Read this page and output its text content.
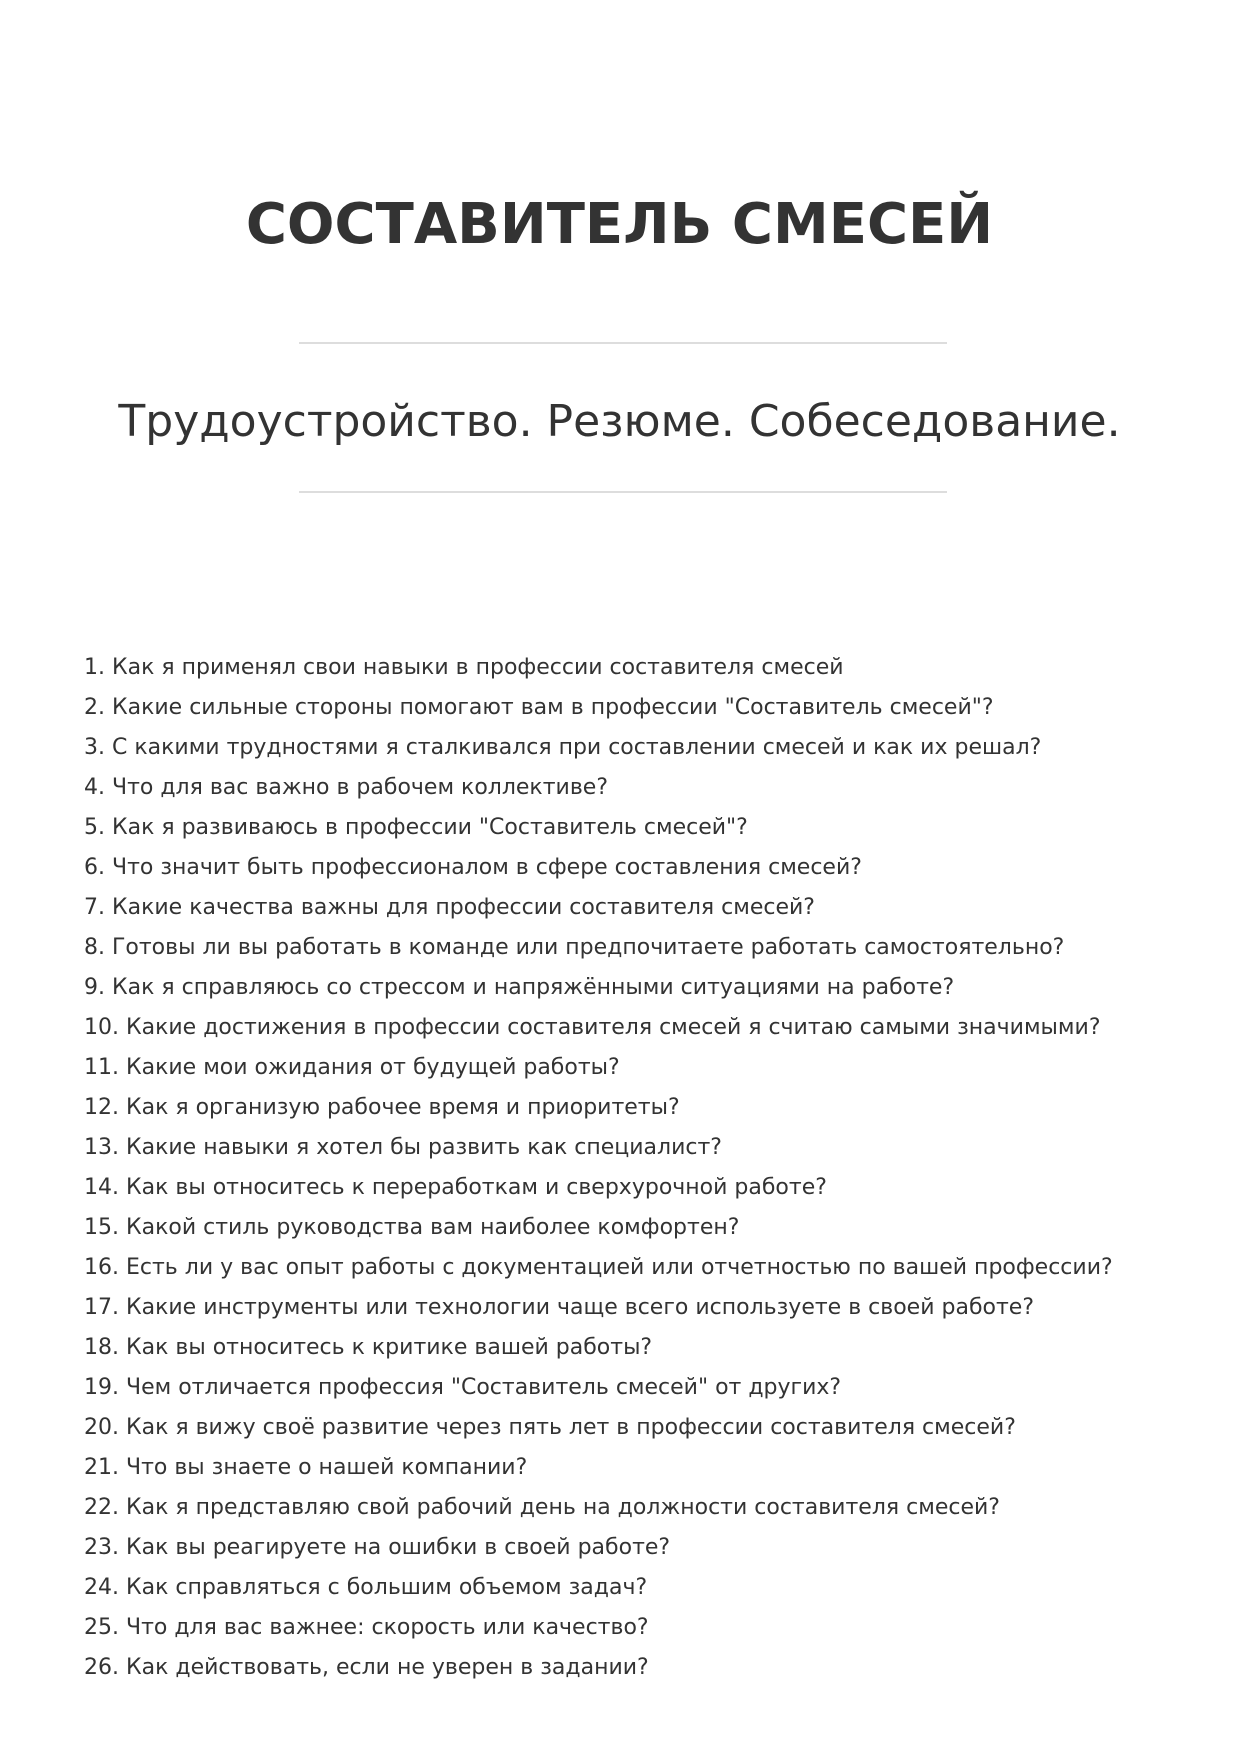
СОСТАВИТЕЛЬ СМЕСЕЙ
Трудоустройство. Резюме. Собеседование.
1. Как я применял свои навыки в профессии составителя смесей
2. Какие сильные стороны помогают вам в профессии "Составитель смесей"?
3. С какими трудностями я сталкивался при составлении смесей и как их решал?
4. Что для вас важно в рабочем коллективе?
5. Как я развиваюсь в профессии "Составитель смесей"?
6. Что значит быть профессионалом в сфере составления смесей?
7. Какие качества важны для профессии составителя смесей?
8. Готовы ли вы работать в команде или предпочитаете работать самостоятельно?
9. Как я справляюсь со стрессом и напряжёнными ситуациями на работе?
10. Какие достижения в профессии составителя смесей я считаю самыми значимыми?
11. Какие мои ожидания от будущей работы?
12. Как я организую рабочее время и приоритеты?
13. Какие навыки я хотел бы развить как специалист?
14. Как вы относитесь к переработкам и сверхурочной работе?
15. Какой стиль руководства вам наиболее комфортен?
16. Есть ли у вас опыт работы с документацией или отчетностью по вашей профессии?
17. Какие инструменты или технологии чаще всего используете в своей работе?
18. Как вы относитесь к критике вашей работы?
19. Чем отличается профессия "Составитель смесей" от других?
20. Как я вижу своё развитие через пять лет в профессии составителя смесей?
21. Что вы знаете о нашей компании?
22. Как я представляю свой рабочий день на должности составителя смесей?
23. Как вы реагируете на ошибки в своей работе?
24. Как справляться с большим объемом задач?
25. Что для вас важнее: скорость или качество?
26. Как действовать, если не уверен в задании?
